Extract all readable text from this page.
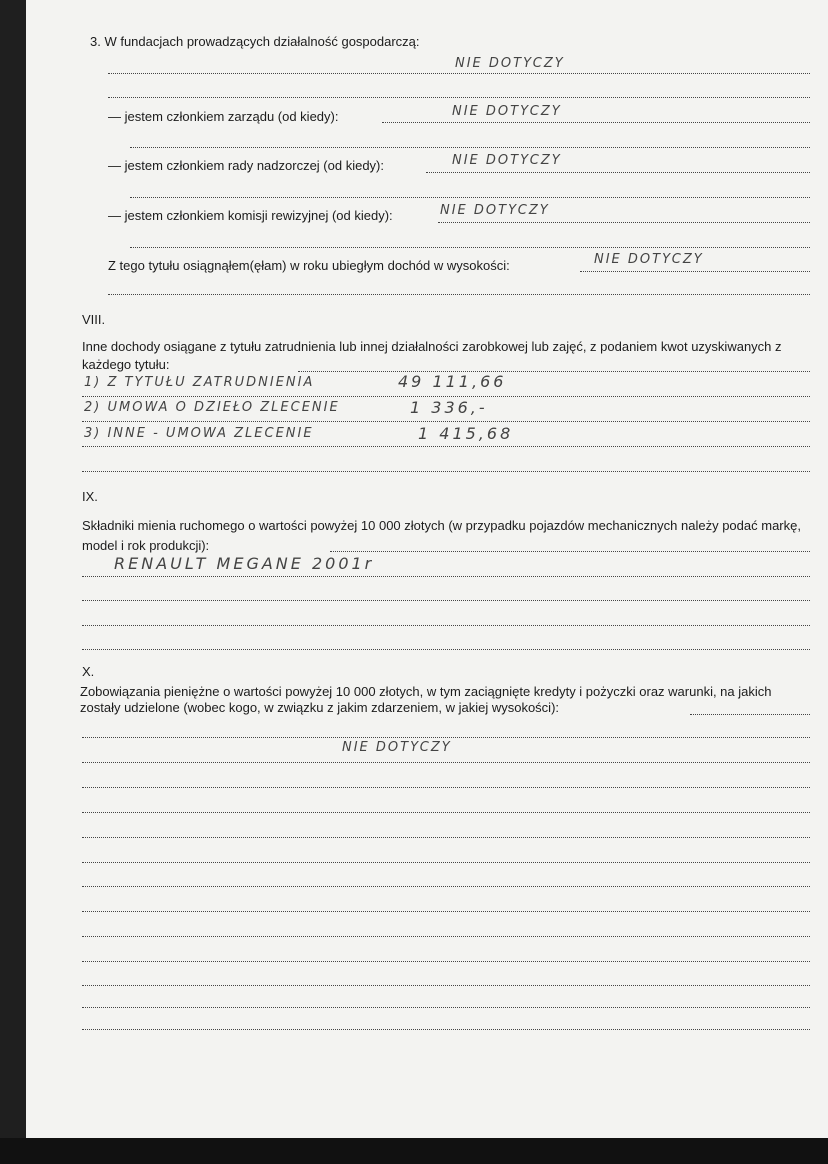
3. W fundacjach prowadzących działalność gospodarczą:
NIE DOTYCZY
— jestem członkiem zarządu (od kiedy):	NIE DOTYCZY
— jestem członkiem rady nadzorczej (od kiedy):	NIE DOTYCZY
— jestem członkiem komisji rewizyjnej (od kiedy):	NIE DOTYCZY
Z tego tytułu osiągnąłem(ęłam) w roku ubiegłym dochód w wysokości:	NIE DOTYCZY
VIII.
Inne dochody osiągane z tytułu zatrudnienia lub innej działalności zarobkowej lub zajęć, z podaniem kwot uzyskiwanych z każdego tytułu:
1) Z TYTUŁU ZATRUDNIENIA	49 111,66
2) UMOWA O DZIEŁO ZLECENIE	1 336,-
3) INNE - UMOWA ZLECENIE	1 415,68
IX.
Składniki mienia ruchomego o wartości powyżej 10 000 złotych (w przypadku pojazdów mechanicznych należy podać markę, model i rok produkcji):
RENAULT MEGANE 2001r
X.
Zobowiązania pieniężne o wartości powyżej 10 000 złotych, w tym zaciągnięte kredyty i pożyczki oraz warunki, na jakich zostały udzielone (wobec kogo, w związku z jakim zdarzeniem, w jakiej wysokości):
NIE DOTYCZY
